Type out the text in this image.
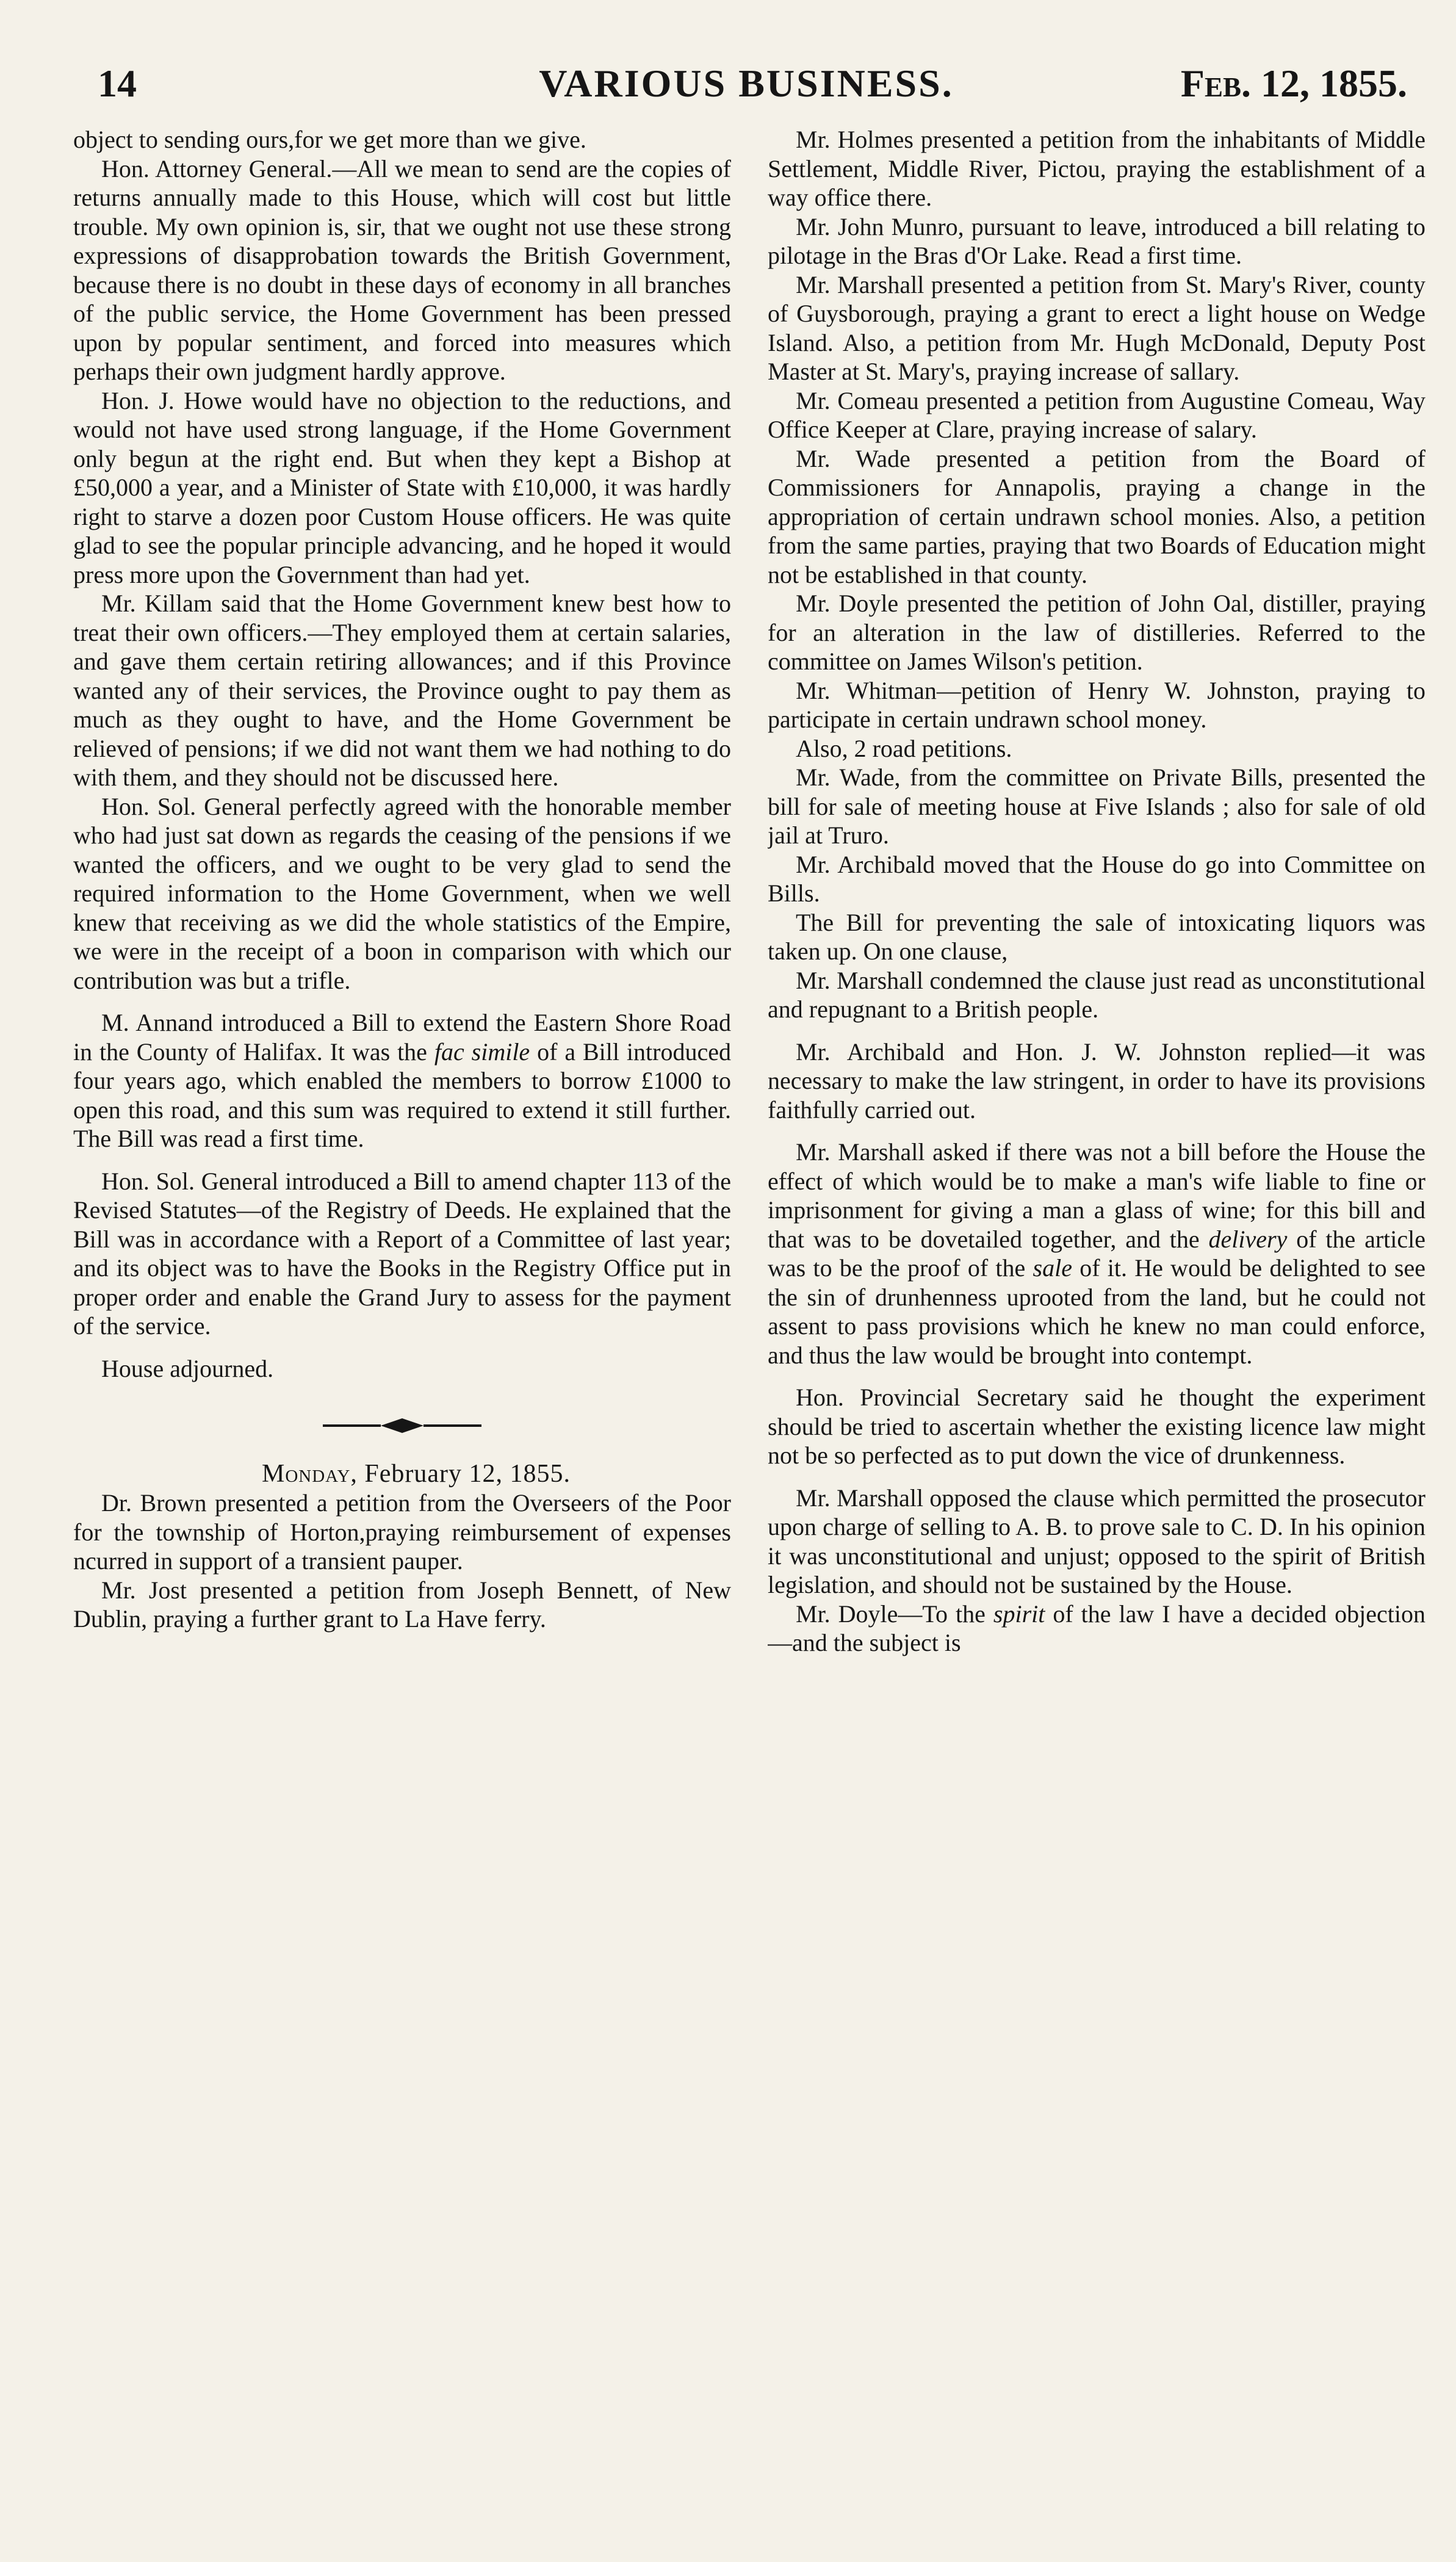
14	VARIOUS BUSINESS.	Feb. 12, 1855.

object to sending ours,for we get more than we give.

Hon. Attorney General.—All we mean to send are the copies of returns annually made to this House, which will cost but little trouble. My own opinion is, sir, that we ought not use these strong expressions of disapprobation towards the British Government, because there is no doubt in these days of economy in all branches of the public service, the Home Government has been pressed upon by popular sentiment, and forced into measures which perhaps their own judgment hardly approve.

Hon. J. Howe would have no objection to the reductions, and would not have used strong language, if the Home Government only begun at the right end. But when they kept a Bishop at £50,000 a year, and a Minister of State with £10,000, it was hardly right to starve a dozen poor Custom House officers. He was quite glad to see the popular principle advancing, and he hoped it would press more upon the Government than had yet.

Mr. Killam said that the Home Government knew best how to treat their own officers.—They employed them at certain salaries, and gave them certain retiring allowances; and if this Province wanted any of their services, the Province ought to pay them as much as they ought to have, and the Home Government be relieved of pensions; if we did not want them we had nothing to do with them, and they should not be discussed here.

Hon. Sol. General perfectly agreed with the honorable member who had just sat down as regards the ceasing of the pensions if we wanted the officers, and we ought to be very glad to send the required information to the Home Government, when we well knew that receiving as we did the whole statistics of the Empire, we were in the receipt of a boon in comparison with which our contribution was but a trifle.

M. Annand introduced a Bill to extend the Eastern Shore Road in the County of Halifax. It was the fac simile of a Bill introduced four years ago, which enabled the members to borrow £1000 to open this road, and this sum was required to extend it still further. The Bill was read a first time.

Hon. Sol. General introduced a Bill to amend chapter 113 of the Revised Statutes—of the Registry of Deeds. He explained that the Bill was in accordance with a Report of a Committee of last year; and its object was to have the Books in the Registry Office put in proper order and enable the Grand Jury to assess for the payment of the service.

House adjourned.

Monday, February 12, 1855.

Dr. Brown presented a petition from the Overseers of the Poor for the township of Horton,praying reimbursement of expenses ncurred in support of a transient pauper.

Mr. Jost presented a petition from Joseph Bennett, of New Dublin, praying a further grant to La Have ferry.

Mr. Holmes presented a petition from the inhabitants of Middle Settlement, Middle River, Pictou, praying the establishment of a way office there.

Mr. John Munro, pursuant to leave, introduced a bill relating to pilotage in the Bras d'Or Lake. Read a first time.

Mr. Marshall presented a petition from St. Mary's River, county of Guysborough, praying a grant to erect a light house on Wedge Island. Also, a petition from Mr. Hugh McDonald, Deputy Post Master at St. Mary's, praying increase of sallary.

Mr. Comeau presented a petition from Augustine Comeau, Way Office Keeper at Clare, praying increase of salary.

Mr. Wade presented a petition from the Board of Commissioners for Annapolis, praying a change in the appropriation of certain undrawn school monies. Also, a petition from the same parties, praying that two Boards of Education might not be established in that county.

Mr. Doyle presented the petition of John Oal, distiller, praying for an alteration in the law of distilleries. Referred to the committee on James Wilson's petition.

Mr. Whitman—petition of Henry W. Johnston, praying to participate in certain undrawn school money.

Also, 2 road petitions.

Mr. Wade, from the committee on Private Bills, presented the bill for sale of meeting house at Five Islands ; also for sale of old jail at Truro.

Mr. Archibald moved that the House do go into Committee on Bills.

The Bill for preventing the sale of intoxicating liquors was taken up. On one clause,

Mr. Marshall condemned the clause just read as unconstitutional and repugnant to a British people.

Mr. Archibald and Hon. J. W. Johnston replied—it was necessary to make the law stringent, in order to have its provisions faithfully carried out.

Mr. Marshall asked if there was not a bill before the House the effect of which would be to make a man's wife liable to fine or imprisonment for giving a man a glass of wine; for this bill and that was to be dovetailed together, and the delivery of the article was to be the proof of the sale of it. He would be delighted to see the sin of drunhenness uprooted from the land, but he could not assent to pass provisions which he knew no man could enforce, and thus the law would be brought into contempt.

Hon. Provincial Secretary said he thought the experiment should be tried to ascertain whether the existing licence law might not be so perfected as to put down the vice of drunkenness.

Mr. Marshall opposed the clause which permitted the prosecutor upon charge of selling to A. B. to prove sale to C. D. In his opinion it was unconstitutional and unjust; opposed to the spirit of British legislation, and should not be sustained by the House.

Mr. Doyle—To the spirit of the law I have a decided objection—and the subject is
